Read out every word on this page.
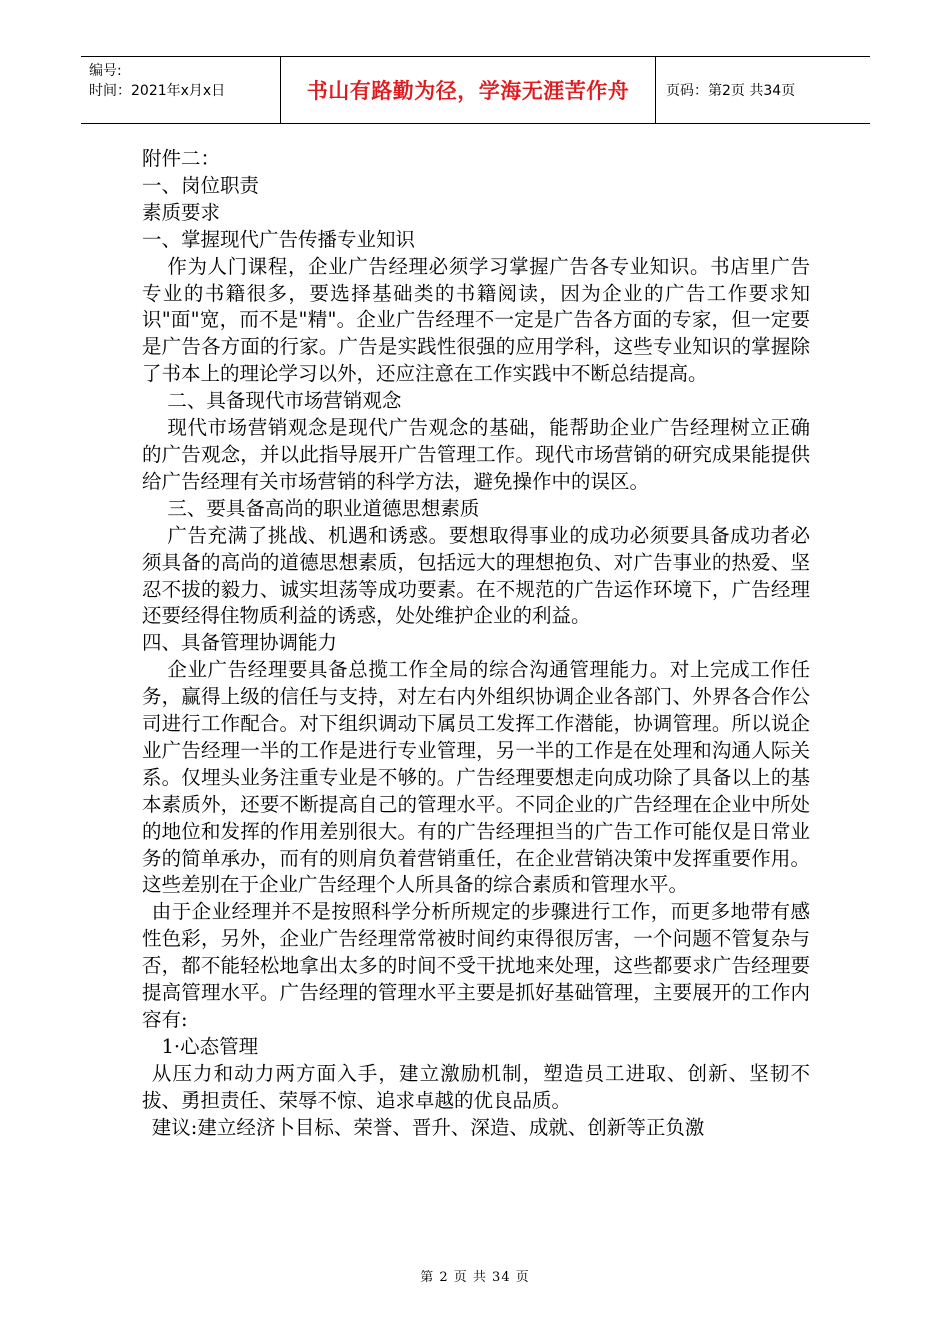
编号:
时间：2021年x月x日	书山有路勤为径，学海无涯苦作舟	页码：第2页 共34页

附件二：

一、岗位职责

素质要求

一、掌握现代广告传播专业知识

作为人门课程，企业广告经理必须学习掌握广告各专业知识。书店里广告专业的书籍很多，要选择基础类的书籍阅读，因为企业的广告工作要求知识"面"宽，而不是"精"。企业广告经理不一定是广告各方面的专家，但一定要是广告各方面的行家。广告是实践性很强的应用学科，这些专业知识的掌握除了书本上的理论学习以外，还应注意在工作实践中不断总结提高。

二、具备现代市场营销观念

现代市场营销观念是现代广告观念的基础，能帮助企业广告经理树立正确的广告观念，并以此指导展开广告管理工作。现代市场营销的研究成果能提供给广告经理有关市场营销的科学方法，避免操作中的误区。

三、要具备高尚的职业道德思想素质

广告充满了挑战、机遇和诱惑。要想取得事业的成功必须要具备成功者必须具备的高尚的道德思想素质，包括远大的理想抱负、对广告事业的热爱、坚忍不拔的毅力、诚实坦荡等成功要素。在不规范的广告运作环境下，广告经理还要经得住物质利益的诱惑，处处维护企业的利益。

四、具备管理协调能力

企业广告经理要具备总揽工作全局的综合沟通管理能力。对上完成工作任务，赢得上级的信任与支持，对左右内外组织协调企业各部门、外界各合作公司进行工作配合。对下组织调动下属员工发挥工作潜能，协调管理。所以说企业广告经理一半的工作是进行专业管理，另一半的工作是在处理和沟通人际关系。仅埋头业务注重专业是不够的。广告经理要想走向成功除了具备以上的基本素质外，还要不断提高自己的管理水平。不同企业的广告经理在企业中所处的地位和发挥的作用差别很大。有的广告经理担当的广告工作可能仅是日常业务的简单承办，而有的则肩负着营销重任，在企业营销决策中发挥重要作用。这些差别在于企业广告经理个人所具备的综合素质和管理水平。

由于企业经理并不是按照科学分析所规定的步骤进行工作，而更多地带有感性色彩，另外，企业广告经理常常被时间约束得很厉害，一个问题不管复杂与否，都不能轻松地拿出太多的时间不受干扰地来处理，这些都要求广告经理要提高管理水平。广告经理的管理水平主要是抓好基础管理，主要展开的工作内容有:

1·心态管理

从压力和动力两方面入手，建立激励机制，塑造员工进取、创新、坚韧不拔、勇担责任、荣辱不惊、追求卓越的优良品质。

建议:建立经济卜目标、荣誉、晋升、深造、成就、创新等正负激

第 2 页 共 34 页
